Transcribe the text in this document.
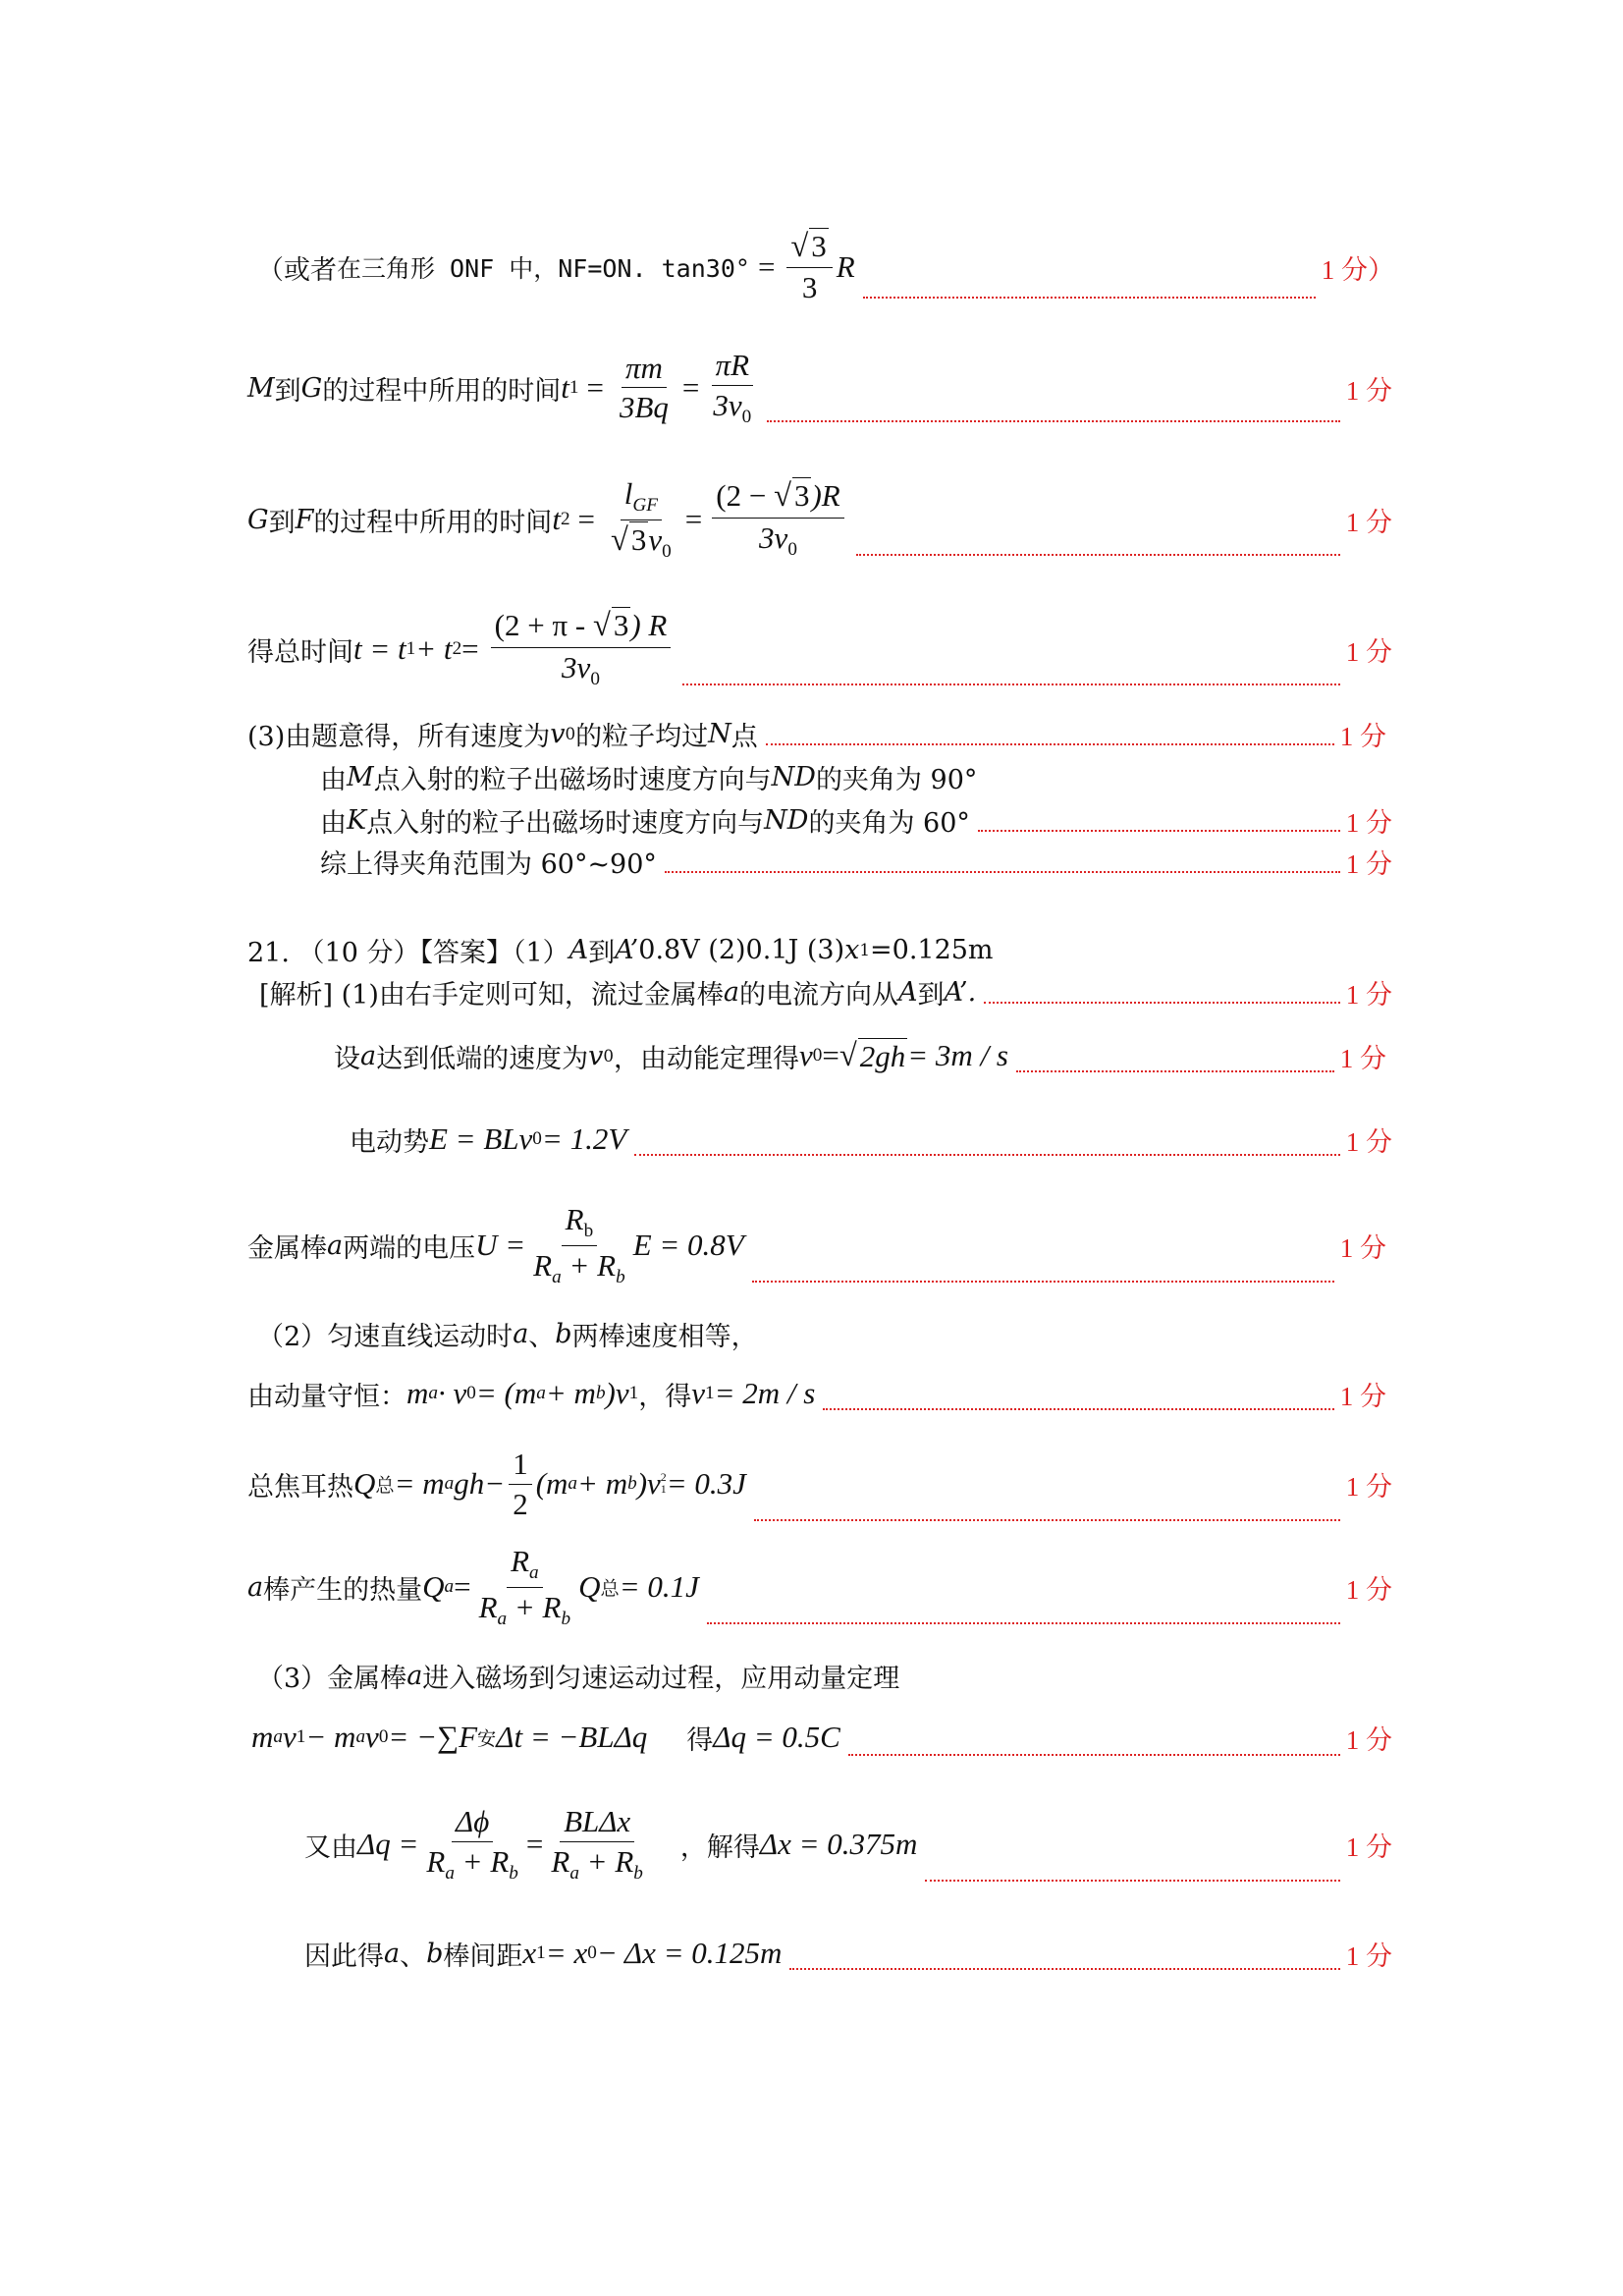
（或者 在三角形 ONF 中，NF=ON. $\tan 30^\circ = \frac{√3}{3}$ R	1 分）
M 到 G 的过程中所用的时间 t $1 = \frac{\pi m}{3Bq} = \frac{\pi R}{3v_0}$	1 分
G 到 F 的过程中所用的时间 t $2 = \frac{l_{GF}}{√3v_0} = \frac{(2 - √3)R}{3v_0}$	1 分
得总时间 t = t 1 + t $2 = \frac{(2 + \pi - √3) R}{3v_0}$	1 分
(3)由题意得，所有速度为 v 0 的粒子均过 N 点	1 分
由 M 点入射的粒子出磁场时速度方向与 ND 的夹角为 90°
由 K 点入射的粒子出磁场时速度方向与 ND 的夹角为 60°	1 分
综上得夹角范围为 60°~90°	1 分
21. （10 分）【答案】（1） A 到 A’ 0.8V (2)0.1J (3) x 1 =0.125m
[解析] (1)由右手定则可知，流过金属棒 a 的电流方向从 A 到 A’.	1 分
设 a 达到低端的速度为 v 0 ，由动能定理得 v 0 = √ 2gh = 3m / s	1 分
电动势 E = BLv 0 = 1.2V	1 分
金属棒 a 两端的电压 $U = \frac{R_b}{R_a + R_b}$ E = 0.8V	1 分
（2）匀速直线运动时 a 、 b 两棒速度相等，
由动量守恒： m a · v 0 = (m a + m b )v 1 ，得 v 1 = 2m / s	1 分
总焦耳热 Q 总 = m a $gh- \frac{1}{2} (m$ a + m b )v 2
1 = 0.3J	1 分
a 棒产生的热量 Q $a = \frac{R_a}{R_a + R_b}$ Q 总 = 0.1J	1 分
（3）金属棒 a 进入磁场到匀速运动过程，应用动量定理
m a v 1 − m a v 0 = −∑F 安 Δt = −BLΔq 得 Δq = 0.5C	1 分
又由 $\Delta q = \frac{\Delta\phi}{R_a + R_b} = \frac{\text{BLΔx}}{R_a + R_b}$ ，解得 Δx = 0.375m	1 分
因此得 a 、 b 棒间距 x 1 = x 0 − Δx = 0.125m	1 分
